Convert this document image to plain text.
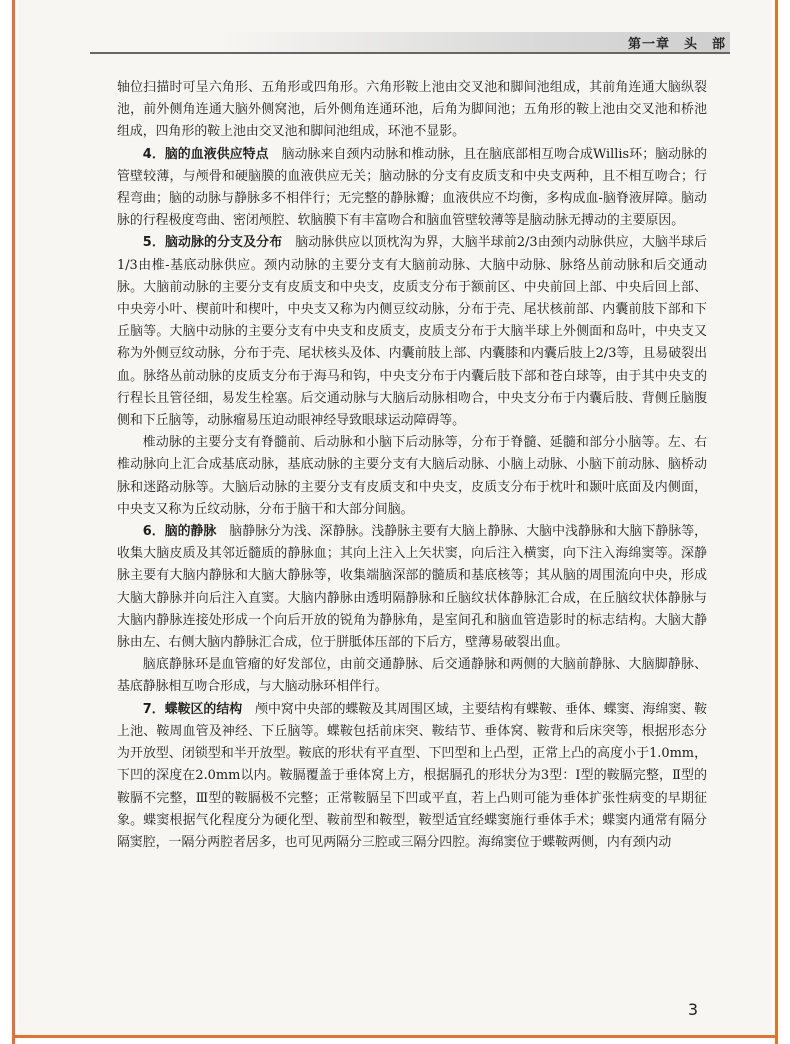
第一章　头　部

轴位扫描时可呈六角形、五角形或四角形。六角形鞍上池由交叉池和脚间池组成，其前角连通大脑纵裂池，前外侧角连通大脑外侧窝池，后外侧角连通环池，后角为脚间池；五角形的鞍上池由交叉池和桥池组成，四角形的鞍上池由交叉池和脚间池组成，环池不显影。

4．脑的血液供应特点　 脑动脉来自颈内动脉和椎动脉，且在脑底部相互吻合成Willis环；脑动脉的管壁较薄，与颅骨和硬脑膜的血液供应无关；脑动脉的分支有皮质支和中央支两种，且不相互吻合；行程弯曲；脑的动脉与静脉多不相伴行；无完整的静脉瓣；血液供应不均衡，多构成血-脑脊液屏障。脑动脉的行程极度弯曲、密闭颅腔、软脑膜下有丰富吻合和脑血管壁较薄等是脑动脉无搏动的主要原因。

5．脑动脉的分支及分布　 脑动脉供应以顶枕沟为界，大脑半球前2/3由颈内动脉供应，大脑半球后1/3由椎-基底动脉供应。颈内动脉的主要分支有大脑前动脉、大脑中动脉、脉络丛前动脉和后交通动脉。大脑前动脉的主要分支有皮质支和中央支，皮质支分布于额前区、中央前回上部、中央后回上部、中央旁小叶、楔前叶和楔叶，中央支又称为内侧豆纹动脉，分布于壳、尾状核前部、内囊前肢下部和下丘脑等。大脑中动脉的主要分支有中央支和皮质支，皮质支分布于大脑半球上外侧面和岛叶，中央支又称为外侧豆纹动脉，分布于壳、尾状核头及体、内囊前肢上部、内囊膝和内囊后肢上2/3等，且易破裂出血。脉络丛前动脉的皮质支分布于海马和钩，中央支分布于内囊后肢下部和苍白球等，由于其中央支的行程长且管径细，易发生栓塞。后交通动脉与大脑后动脉相吻合，中央支分布于内囊后肢、背侧丘脑腹侧和下丘脑等，动脉瘤易压迫动眼神经导致眼球运动障碍等。

椎动脉的主要分支有脊髓前、后动脉和小脑下后动脉等，分布于脊髓、延髓和部分小脑等。左、右椎动脉向上汇合成基底动脉，基底动脉的主要分支有大脑后动脉、小脑上动脉、小脑下前动脉、脑桥动脉和迷路动脉等。大脑后动脉的主要分支有皮质支和中央支，皮质支分布于枕叶和颞叶底面及内侧面，中央支又称为丘纹动脉，分布于脑干和大部分间脑。

6．脑的静脉　 脑静脉分为浅、深静脉。浅静脉主要有大脑上静脉、大脑中浅静脉和大脑下静脉等，收集大脑皮质及其邻近髓质的静脉血；其向上注入上矢状窦，向后注入横窦，向下注入海绵窦等。深静脉主要有大脑内静脉和大脑大静脉等，收集端脑深部的髓质和基底核等；其从脑的周围流向中央，形成大脑大静脉并向后注入直窦。大脑内静脉由透明隔静脉和丘脑纹状体静脉汇合成，在丘脑纹状体静脉与大脑内静脉连接处形成一个向后开放的锐角为静脉角，是室间孔和脑血管造影时的标志结构。大脑大静脉由左、右侧大脑内静脉汇合成，位于胼胝体压部的下后方，壁薄易破裂出血。

脑底静脉环是血管瘤的好发部位，由前交通静脉、后交通静脉和两侧的大脑前静脉、大脑脚静脉、基底静脉相互吻合形成，与大脑动脉环相伴行。

7．蝶鞍区的结构　 颅中窝中央部的蝶鞍及其周围区域，主要结构有蝶鞍、垂体、蝶窦、海绵窦、鞍上池、鞍周血管及神经、下丘脑等。蝶鞍包括前床突、鞍结节、垂体窝、鞍背和后床突等，根据形态分为开放型、闭锁型和半开放型。鞍底的形状有平直型、下凹型和上凸型，正常上凸的高度小于1.0mm，下凹的深度在2.0mm以内。鞍膈覆盖于垂体窝上方，根据膈孔的形状分为3型：Ⅰ型的鞍膈完整，Ⅱ型的鞍膈不完整，Ⅲ型的鞍膈极不完整；正常鞍膈呈下凹或平直，若上凸则可能为垂体扩张性病变的早期征象。蝶窦根据气化程度分为硬化型、鞍前型和鞍型，鞍型适宜经蝶窦施行垂体手术；蝶窦内通常有隔分隔窦腔，一隔分两腔者居多，也可见两隔分三腔或三隔分四腔。海绵窦位于蝶鞍两侧，内有颈内动

3
